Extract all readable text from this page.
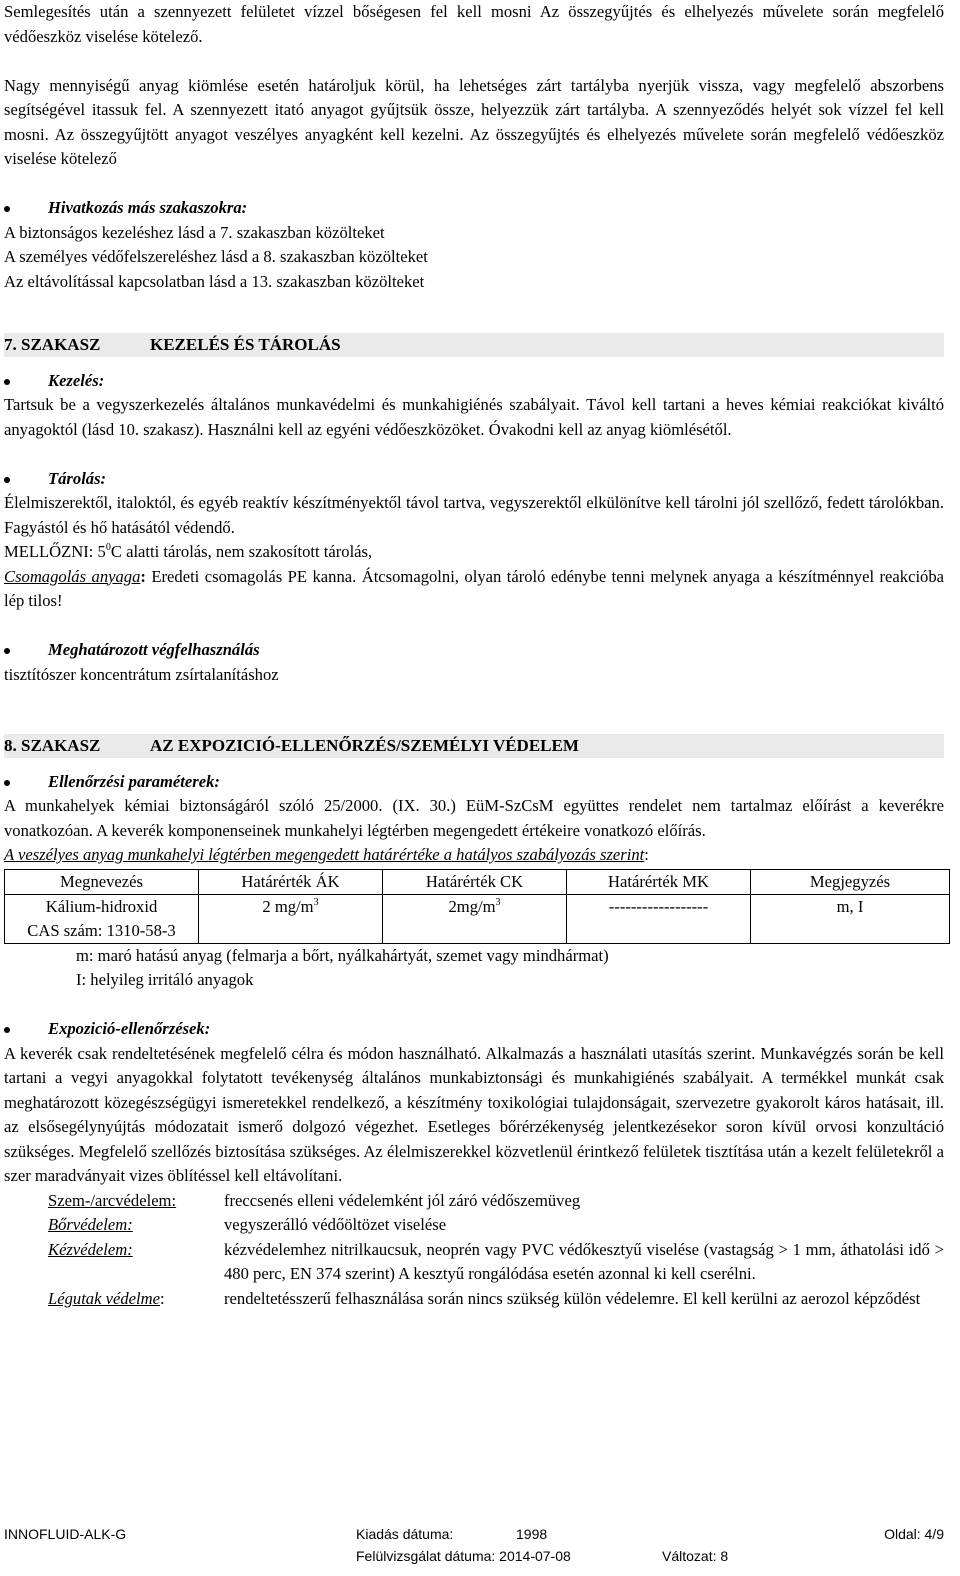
Semlegesítés után a szennyezett felületet vízzel bőségesen fel kell mosni Az összegyűjtés és elhelyezés művelete során megfelelő védőeszköz viselése kötelező.

Nagy mennyiségű anyag kiömlése esetén határoljuk körül, ha lehetséges zárt tartályba nyerjük vissza, vagy megfelelő abszorbens segítségével itassuk fel. A szennyezett itató anyagot gyűjtsük össze, helyezzük zárt tartályba. A szennyeződés helyét sok vízzel fel kell mosni. Az összegyűjtött anyagot veszélyes anyagként kell kezelni. Az összegyűjtés és elhelyezés művelete során megfelelő védőeszköz viselése kötelező

Hivatkozás más szakaszokra:

A biztonságos kezeléshez lásd a 7. szakaszban közölteket

A személyes védőfelszereléshez lásd a 8. szakaszban közölteket

Az eltávolítással kapcsolatban lásd a 13. szakaszban közölteket

7. SZAKASZ	KEZELÉS ÉS TÁROLÁS

Kezelés:

Tartsuk be a vegyszerkezelés általános munkavédelmi és munkahigiénés szabályait. Távol kell tartani a heves kémiai reakciókat kiváltó anyagoktól (lásd 10. szakasz). Használni kell az egyéni védőeszközöket. Óvakodni kell az anyag kiömlésétől.

Tárolás:

Élelmiszerektől, italoktól, és egyéb reaktív készítményektől távol tartva, vegyszerektől elkülönítve kell tárolni jól szellőző, fedett tárolókban. Fagyástól és hő hatásától védendő.

MELLŐZNI: $5^0C$ alatti tárolás, nem szakosított tárolás,

Csomagolás anyaga: Eredeti csomagolás PE kanna. Átcsomagolni, olyan tároló edénybe tenni melynek anyaga a készítménnyel reakcióba lép tilos!

Meghatározott végfelhasználás

tisztítószer koncentrátum zsírtalanításhoz

8. SZAKASZ	AZ EXPOZICIÓ-ELLENŐRZÉS/SZEMÉLYI VÉDELEM

Ellenőrzési paraméterek:

A munkahelyek kémiai biztonságáról szóló 25/2000. (IX. 30.) EüM-SzCsM együttes rendelet nem tartalmaz előírást a keverékre vonatkozóan. A keverék komponenseinek munkahelyi légtérben megengedett értékeire vonatkozó előírás.

A veszélyes anyag munkahelyi légtérben megengedett határértéke a hatályos szabályozás szerint:

Megnevezés	Határérték ÁK	Határérték CK	Határérték MK	Megjegyzés

Kálium-hidroxid
CAS szám: 1310-58-3	2 $mg/m^3$	$2mg/m^3$	------------------	m, I

m: maró hatású anyag (felmarja a bőrt, nyálkahártyát, szemet vagy mindhármat)

I: helyileg irritáló anyagok

Expozició-ellenőrzések:

A keverék csak rendeltetésének megfelelő célra és módon használható. Alkalmazás a használati utasítás szerint. Munkavégzés során be kell tartani a vegyi anyagokkal folytatott tevékenység általános munkabiztonsági és munkahigiénés szabályait. A termékkel munkát csak meghatározott közegészségügyi ismeretekkel rendelkező, a készítmény toxikológiai tulajdonságait, szervezetre gyakorolt káros hatásait, ill. az elsősegélynyújtás módozatait ismerő dolgozó végezhet. Esetleges bőrérzékenység jelentkezésekor soron kívül orvosi konzultáció szükséges. Megfelelő szellőzés biztosítása szükséges. Az élelmiszerekkel közvetlenül érintkező felületek tisztítása után a kezelt felületekről a szer maradványait vizes öblítéssel kell eltávolítani.

Szem-/arcvédelem:	freccsenés elleni védelemként jól záró védőszemüveg
Bőrvédelem:	vegyszerálló védőöltözet viselése
Kézvédelem:	kézvédelemhez nitrilkaucsuk, neoprén vagy PVC védőkesztyű viselése (vastagság > 1 mm, áthatolási idő > 480 perc, EN 374 szerint) A kesztyű rongálódása esetén azonnal ki kell cserélni.
Légutak védelme:	rendeltetésszerű felhasználása során nincs szükség külön védelemre. El kell kerülni az aerozol képződést
INNOFLUID-ALK-G	Kiadás dátuma:	1998	Oldal: 4/9
Felülvizsgálat dátuma: 2014-07-08	Változat: 8
